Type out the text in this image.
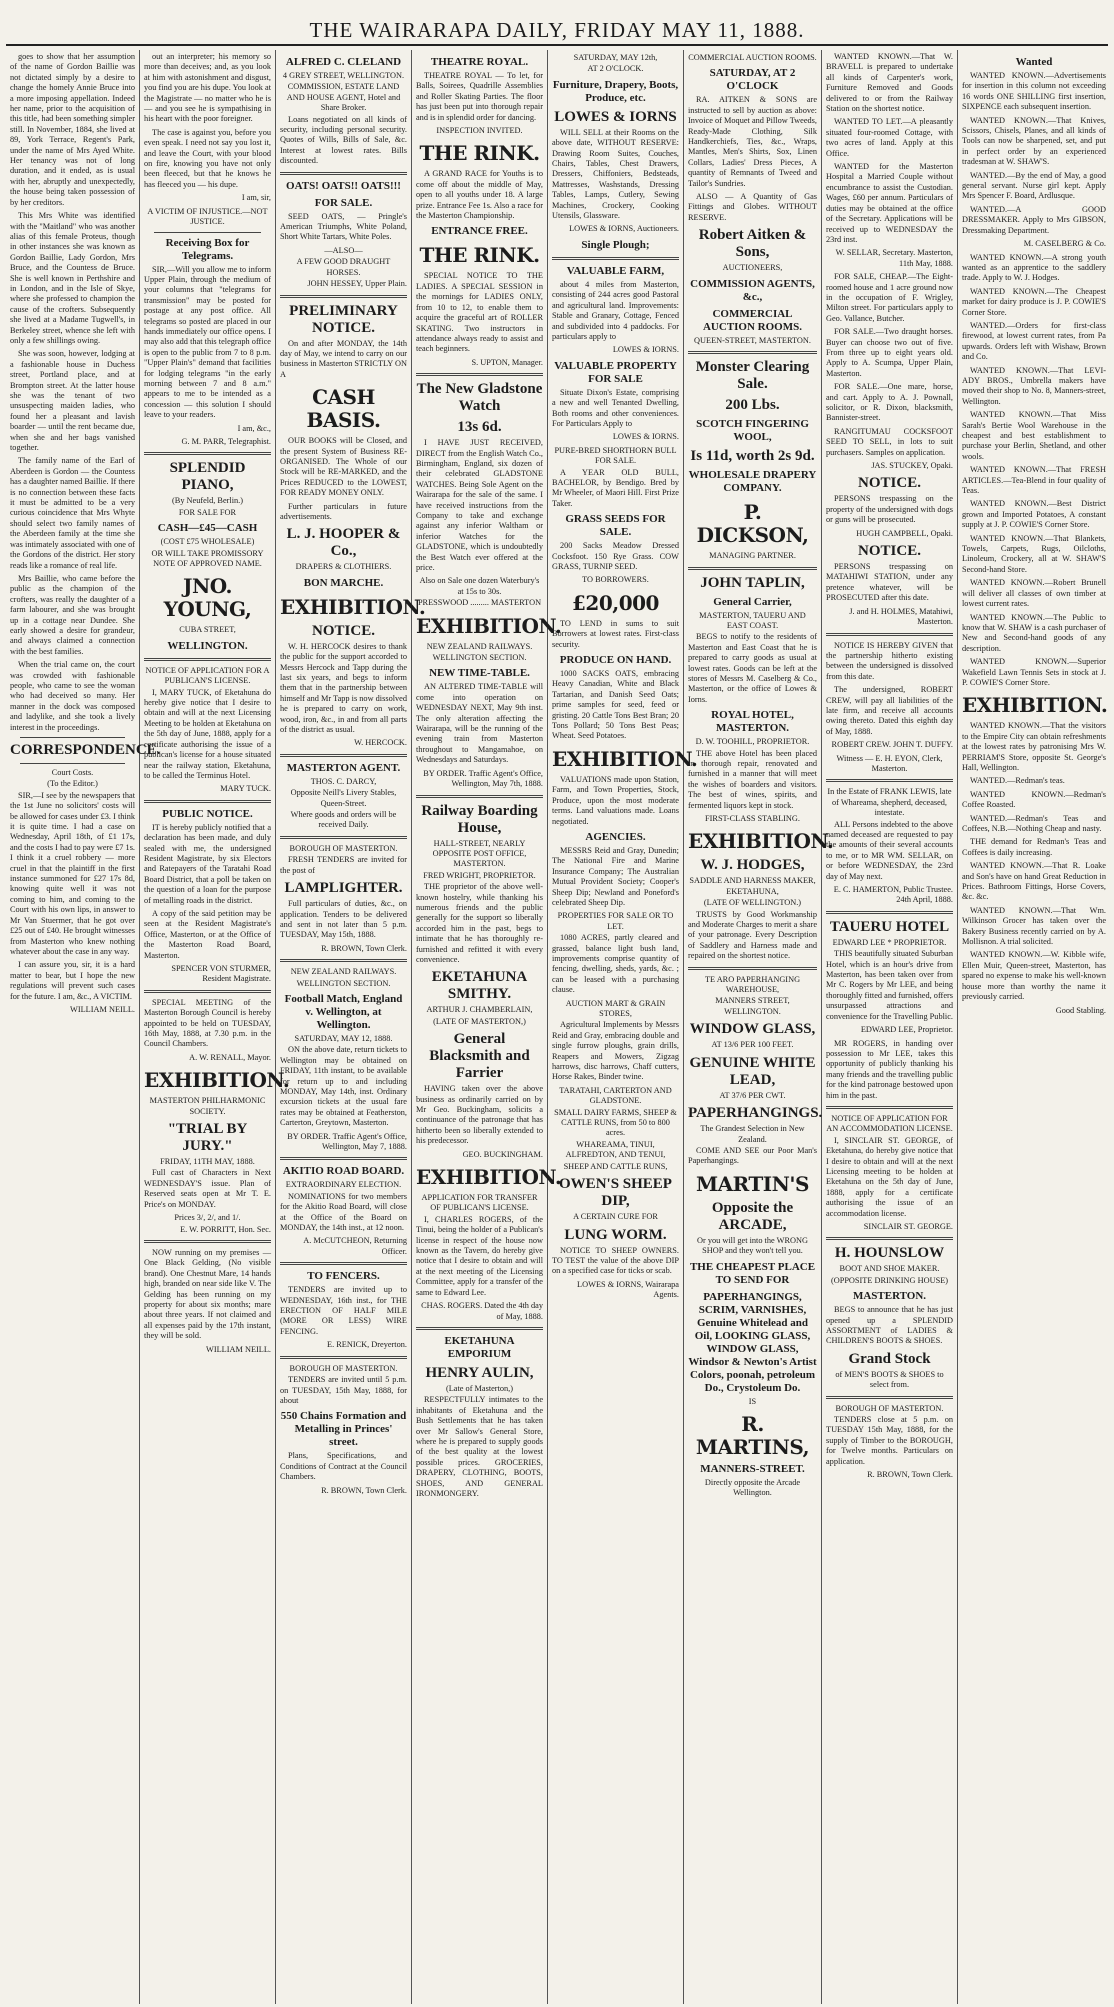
THE WAIRARAPA DAILY, FRIDAY MAY 11, 1888.

goes to show that her assumption of the name of Gordon Baillie was not dictated simply by a desire to change the homely Annie Bruce into a more imposing appellation. Indeed her name, prior to the acquisition of this title, had been something simpler still. In November, 1884, she lived at 89, York Terrace, Regent's Park, under the name of Mrs Ayed White. Her tenancy was not of long duration, and it ended, as is usual with her, abruptly and unexpectedly, the house being taken possession of by her creditors.

This Mrs White was identified with the "Maitland" who was another alias of this female Proteus, though in other instances she was known as Gordon Baillie, Lady Gordon, Mrs Bruce, and the Countess de Bruce. She is well known in Perthshire and in London, and in the Isle of Skye, where she professed to champion the cause of the crofters. Subsequently she lived at a Madame Tugwell's, in Berkeley street, whence she left with only a few shillings owing.

She was soon, however, lodging at a fashionable house in Duchess street, Portland place, and at Brompton street. At the latter house she was the tenant of two unsuspecting maiden ladies, who found her a pleasant and lavish boarder — until the rent became due, when she and her bags vanished together.

The family name of the Earl of Aberdeen is Gordon — the Countess has a daughter named Baillie. If there is no connection between these facts it must be admitted to be a very curious coincidence that Mrs Whyte should select two family names of the Aberdeen family at the time she was intimately associated with one of the Gordons of the district. Her story reads like a romance of real life.

Mrs Baillie, who came before the public as the champion of the crofters, was really the daughter of a farm labourer, and she was brought up in a cottage near Dundee. She early showed a desire for grandeur, and always claimed a connection with the best families.

When the trial came on, the court was crowded with fashionable people, who came to see the woman who had deceived so many. Her manner in the dock was composed and ladylike, and she took a lively interest in the proceedings.

CORRESPONDENCE.
Court Costs.
(To the Editor.)

SIR,—I see by the newspapers that the 1st June no solicitors' costs will be allowed for cases under £3. I think it is quite time. I had a case on Wednesday, April 18th, of £1 17s, and the costs I had to pay were £7 1s. I think it a cruel robbery — more cruel in that the plaintiff in the first instance summoned for £27 17s 8d, knowing quite well it was not coming to him, and coming to the Court with his own lips, in answer to Mr Van Stuermer, that he got over £25 out of £40. He brought witnesses from Masterton who knew nothing whatever about the case in any way.

I can assure you, sir, it is a hard matter to bear, but I hope the new regulations will prevent such cases for the future. I am, &c., A VICTIM.

WILLIAM NEILL.

out an interpreter; his memory so more than deceives; and, as you look at him with astonishment and disgust, you find you are his dupe. You look at the Magistrate — no matter who he is — and you see he is sympathising in his heart with the poor foreigner.

The case is against you, before you even speak. I need not say you lost it, and leave the Court, with your blood on fire, knowing you have not only been fleeced, but that he knows he has fleeced you — his dupe.

I am, sir,
A VICTIM OF INJUSTICE.—NOT JUSTICE.
Receiving Box for Telegrams.

SIR,—Will you allow me to inform Upper Plain, through the medium of your columns that "telegrams for transmission" may be posted for postage at any post office. All telegrams so posted are placed in our hands immediately our office opens. I may also add that this telegraph office is open to the public from 7 to 8 p.m. "Upper Plain's" demand that facilities for lodging telegrams "in the early morning between 7 and 8 a.m." appears to me to be intended as a concession — this solution I should leave to your readers.

I am, &c.,
G. M. PARR, Telegraphist.
SPLENDID PIANO,
(By Neufeld, Berlin.)
FOR SALE FOR
CASH—£45—CASH
(COST £75 WHOLESALE)
OR WILL TAKE PROMISSORY NOTE OF APPROVED NAME.
JNO. YOUNG,
CUBA STREET,
WELLINGTON.
NOTICE OF APPLICATION FOR A PUBLICAN'S LICENSE.

I, MARY TUCK, of Eketahuna do hereby give notice that I desire to obtain and will at the next Licensing Meeting to be holden at Eketahuna on the 5th day of June, 1888, apply for a certificate authorising the issue of a publican's license for a house situated near the railway station, Eketahuna, to be called the Terminus Hotel.

MARY TUCK.
PUBLIC NOTICE.

IT is hereby publicly notified that a declaration has been made, and duly sealed with me, the undersigned Resident Magistrate, by six Electors and Ratepayers of the Taratahi Road Board District, that a poll be taken on the question of a loan for the purpose of metalling roads in the district.

A copy of the said petition may be seen at the Resident Magistrate's Office, Masterton, or at the Office of the Masterton Road Board, Masterton.

SPENCER VON STURMER, Resident Magistrate.

SPECIAL MEETING of the Masterton Borough Council is hereby appointed to be held on TUESDAY, 16th May, 1888, at 7.30 p.m. in the Council Chambers.

A. W. RENALL, Mayor.
EXHIBITION.
MASTERTON PHILHARMONIC SOCIETY.
"TRIAL BY JURY."
FRIDAY, 11TH MAY, 1888.

Full cast of Characters in Next WEDNESDAY'S issue. Plan of Reserved seats open at Mr T. E. Price's on MONDAY.

Prices 3/, 2/, and 1/.
E. W. PORRITT, Hon. Sec.

NOW running on my premises — One Black Gelding, (No visible brand). One Chestnut Mare, 14 hands high, branded on near side like V. The Gelding has been running on my property for about six months; mare about three years. If not claimed and all expenses paid by the 17th instant, they will be sold.

WILLIAM NEILL.
ALFRED C. CLELAND
4 GREY STREET, WELLINGTON.
COMMISSION, ESTATE LAND AND HOUSE AGENT, Hotel and Share Broker.

Loans negotiated on all kinds of security, including personal security. Quotes of Wills, Bills of Sale, &c. Interest at lowest rates. Bills discounted.

OATS! OATS!! OATS!!!
FOR SALE.

SEED OATS, — Pringle's American Triumphs, White Poland, Short White Tartars, White Poles.

—ALSO—
A FEW GOOD DRAUGHT HORSES.
JOHN HESSEY, Upper Plain.
PRELIMINARY NOTICE.

On and after MONDAY, the 14th day of May, we intend to carry on our business in Masterton STRICTLY ON A

CASH BASIS.

OUR BOOKS will be Closed, and the present System of Business RE-ORGANISED. The Whole of our Stock will be RE-MARKED, and the Prices REDUCED to the LOWEST, FOR READY MONEY ONLY.

Further particulars in future advertisements.

L. J. HOOPER & Co.,
DRAPERS & CLOTHIERS.
BON MARCHE.
EXHIBITION.
NOTICE.

W. H. HERCOCK desires to thank the public for the support accorded to Messrs Hercock and Tapp during the last six years, and begs to inform them that in the partnership between himself and Mr Tapp is now dissolved he is prepared to carry on work, wood, iron, &c., in and from all parts of the district as usual.

W. HERCOCK.
MASTERTON AGENT.
THOS. C. DARCY,
Opposite Neill's Livery Stables, Queen-Street.
Where goods and orders will be received Daily.
BOROUGH OF MASTERTON.

FRESH TENDERS are invited for the post of

LAMPLIGHTER.

Full particulars of duties, &c., on application. Tenders to be delivered and sent in not later than 5 p.m. TUESDAY, May 15th, 1888.

R. BROWN, Town Clerk.
NEW ZEALAND RAILWAYS.
WELLINGTON SECTION.
Football Match, England v. Wellington, at Wellington.
SATURDAY, MAY 12, 1888.

ON the above date, return tickets to Wellington may be obtained on FRIDAY, 11th instant, to be available for return up to and including MONDAY, May 14th, inst. Ordinary excursion tickets at the usual fare rates may be obtained at Featherston, Carterton, Greytown, Masterton.

BY ORDER. Traffic Agent's Office, Wellington, May 7, 1888.
AKITIO ROAD BOARD.
EXTRAORDINARY ELECTION.

NOMINATIONS for two members for the Akitio Road Board, will close at the Office of the Board on MONDAY, the 14th inst., at 12 noon.

A. McCUTCHEON, Returning Officer.
TO FENCERS.

TENDERS are invited up to WEDNESDAY, 16th inst., for THE ERECTION OF HALF MILE (MORE OR LESS) WIRE FENCING.

E. RENICK, Dreyerton.
BOROUGH OF MASTERTON.

TENDERS are invited until 5 p.m. on TUESDAY, 15th May, 1888, for about

550 Chains Formation and Metalling in Princes' street.

Plans, Specifications, and Conditions of Contract at the Council Chambers.

R. BROWN, Town Clerk.
THEATRE ROYAL.

THEATRE ROYAL — To let, for Balls, Soirees, Quadrille Assemblies and Roller Skating Parties. The floor has just been put into thorough repair and is in splendid order for dancing.

INSPECTION INVITED.
THE RINK.

A GRAND RACE for Youths is to come off about the middle of May, open to all youths under 18. A large prize. Entrance Fee 1s. Also a race for the Masterton Championship.

ENTRANCE FREE.
THE RINK.

SPECIAL NOTICE TO THE LADIES. A SPECIAL SESSION in the mornings for LADIES ONLY, from 10 to 12, to enable them to acquire the graceful art of ROLLER SKATING. Two instructors in attendance always ready to assist and teach beginners.

S. UPTON, Manager.
The New Gladstone Watch
13s 6d.

I HAVE JUST RECEIVED, DIRECT from the English Watch Co., Birmingham, England, six dozen of their celebrated GLADSTONE WATCHES. Being Sole Agent on the Wairarapa for the sale of the same. I have received instructions from the Company to take and exchange against any inferior Waltham or inferior Watches for the GLADSTONE, which is undoubtedly the Best Watch ever offered at the price.

Also on Sale one dozen Waterbury's at 15s to 30s.
PRESSWOOD ......... MASTERTON
EXHIBITION.
NEW ZEALAND RAILWAYS.
WELLINGTON SECTION.
NEW TIME-TABLE.

AN ALTERED TIME-TABLE will come into operation on WEDNESDAY NEXT, May 9th inst. The only alteration affecting the Wairarapa, will be the running of the evening train from Masterton throughout to Mangamahoe, on Wednesdays and Saturdays.

BY ORDER. Traffic Agent's Office, Wellington, May 7th, 1888.
Railway Boarding House,
HALL-STREET, NEARLY OPPOSITE POST OFFICE, MASTERTON.
FRED WRIGHT, PROPRIETOR.

THE proprietor of the above well-known hostelry, while thanking his numerous friends and the public generally for the support so liberally accorded him in the past, begs to intimate that he has thoroughly re-furnished and refitted it with every convenience.

EKETAHUNA SMITHY.
ARTHUR J. CHAMBERLAIN,
(LATE OF MASTERTON,)
General Blacksmith and Farrier

HAVING taken over the above business as ordinarily carried on by Mr Geo. Buckingham, solicits a continuance of the patronage that has hitherto been so liberally extended to his predecessor.

GEO. BUCKINGHAM.
EXHIBITION.
APPLICATION FOR TRANSFER OF PUBLICAN'S LICENSE.

I, CHARLES ROGERS, of the Tinui, being the holder of a Publican's license in respect of the house now known as the Tavern, do hereby give notice that I desire to obtain and will at the next meeting of the Licensing Committee, apply for a transfer of the same to Edward Lee.

CHAS. ROGERS. Dated the 4th day of May, 1888.
EKETAHUNA EMPORIUM
HENRY AULIN,
(Late of Masterton,)

RESPECTFULLY intimates to the inhabitants of Eketahuna and the Bush Settlements that he has taken over Mr Sallow's General Store, where he is prepared to supply goods of the best quality at the lowest possible prices. GROCERIES, DRAPERY, CLOTHING, BOOTS, SHOES, AND GENERAL IRONMONGERY.

SATURDAY, MAY 12th,
AT 2 O'CLOCK.
Furniture, Drapery, Boots, Produce, etc.
LOWES & IORNS

WILL SELL at their Rooms on the above date, WITHOUT RESERVE: Drawing Room Suites, Couches, Chairs, Tables, Chest Drawers, Dressers, Chiffoniers, Bedsteads, Mattresses, Washstands, Dressing Tables, Lamps, Cutlery, Sewing Machines, Crockery, Cooking Utensils, Glassware.

LOWES & IORNS, Auctioneers.
Single Plough;
VALUABLE FARM,

about 4 miles from Masterton, consisting of 244 acres good Pastoral and agricultural land. Improvements: Stable and Granary, Cottage, Fenced and subdivided into 4 paddocks. For particulars apply to

LOWES & IORNS.
VALUABLE PROPERTY FOR SALE

Situate Dixon's Estate, comprising a new and well Tenanted Dwelling, Both rooms and other conveniences. For Particulars Apply to

LOWES & IORNS.
PURE-BRED SHORTHORN BULL FOR SALE.

A YEAR OLD BULL, BACHELOR, by Bendigo. Bred by Mr Wheeler, of Maori Hill. First Prize Taker.

GRASS SEEDS FOR SALE.

200 Sacks Meadow Dressed Cocksfoot. 150 Rye Grass. COW GRASS, TURNIP SEED.

TO BORROWERS.
£20,000

TO LEND in sums to suit Borrowers at lowest rates. First-class security.

PRODUCE ON HAND.

1000 SACKS OATS, embracing Heavy Canadian, White and Black Tartarian, and Danish Seed Oats; prime samples for seed, feed or gristing. 20 Cattle Tons Best Bran; 20 Tons Pollard; 50 Tons Best Peas; Wheat. Seed Potatoes.

EXHIBITION.

VALUATIONS made upon Station, Farm, and Town Properties, Stock, Produce, upon the most moderate terms. Land valuations made. Loans negotiated.

AGENCIES.

MESSRS Reid and Gray, Dunedin; The National Fire and Marine Insurance Company; The Australian Mutual Provident Society; Cooper's Sheep Dip; Newland and Poneford's celebrated Sheep Dip.

PROPERTIES FOR SALE OR TO LET.

1080 ACRES, partly cleared and grassed, balance light bush land, improvements comprise quantity of fencing, dwelling, sheds, yards, &c. ; can be leased with a purchasing clause.

AUCTION MART & GRAIN STORES,

Agricultural Implements by Messrs Reid and Gray, embracing double and single furrow ploughs, grain drills, Reapers and Mowers, Zigzag harrows, disc harrows, Chaff cutters, Horse Rakes, Binder twine.

TARATAHI, CARTERTON AND GLADSTONE.
SMALL DAIRY FARMS, SHEEP & CATTLE RUNS, from 50 to 800 acres.
WHAREAMA, TINUI, ALFREDTON, AND TENUI,
SHEEP AND CATTLE RUNS,
OWEN'S SHEEP DIP,
A CERTAIN CURE FOR
LUNG WORM.

NOTICE TO SHEEP OWNERS. TO TEST the value of the above DIP on a specified case for ticks or scab.

LOWES & IORNS, Wairarapa Agents.
COMMERCIAL AUCTION ROOMS.
SATURDAY, AT 2 O'CLOCK

RA. AITKEN & SONS are instructed to sell by auction as above: Invoice of Moquet and Pillow Tweeds, Ready-Made Clothing, Silk Handkerchiefs, Ties, &c., Wraps, Mantles, Men's Shirts, Sox, Linen Collars, Ladies' Dress Pieces, A quantity of Remnants of Tweed and Tailor's Sundries.

ALSO — A Quantity of Gas Fittings and Globes. WITHOUT RESERVE.

Robert Aitken & Sons,
AUCTIONEERS,
COMMISSION AGENTS, &c.,
COMMERCIAL AUCTION ROOMS.
QUEEN-STREET, MASTERTON.
Monster Clearing Sale.
200 Lbs.
SCOTCH FINGERING WOOL,
Is 11d, worth 2s 9d.
WHOLESALE DRAPERY COMPANY.
P. DICKSON,
MANAGING PARTNER.
JOHN TAPLIN,
General Carrier,
MASTERTON, TAUERU AND EAST COAST.

BEGS to notify to the residents of Masterton and East Coast that he is prepared to carry goods as usual at lowest rates. Goods can be left at the stores of Messrs M. Caselberg & Co., Masterton, or the office of Lowes & Iorns.

ROYAL HOTEL, MASTERTON.
D. W. TOOHILL, PROPRIETOR.

THE above Hotel has been placed in thorough repair, renovated and furnished in a manner that will meet the wishes of boarders and visitors. The best of wines, spirits, and fermented liquors kept in stock.

FIRST-CLASS STABLING.
EXHIBITION.
W. J. HODGES,
SADDLE AND HARNESS MAKER, EKETAHUNA,
(LATE OF WELLINGTON.)

TRUSTS by Good Workmanship and Moderate Charges to merit a share of your patronage. Every Description of Saddlery and Harness made and repaired on the shortest notice.

TE ARO PAPERHANGING WAREHOUSE,
MANNERS STREET, WELLINGTON.
WINDOW GLASS,
AT 13/6 PER 100 FEET.
GENUINE WHITE LEAD,
AT 37/6 PER CWT.
PAPERHANGINGS.
The Grandest Selection in New Zealand.

COME AND SEE our Poor Man's Paperhangings.

MARTIN'S
Opposite the ARCADE,
Or you will get into the WRONG SHOP and they won't tell you.
THE CHEAPEST PLACE TO SEND FOR
PAPERHANGINGS, SCRIM, VARNISHES, Genuine Whitelead and Oil, LOOKING GLASS, WINDOW GLASS, Windsor & Newton's Artist Colors, poonah, petroleum Do., Crystoleum Do.
IS
R. MARTINS,
MANNERS-STREET.
Directly opposite the Arcade Wellington.

WANTED KNOWN.—That W. BRAVELL is prepared to undertake all kinds of Carpenter's work, Furniture Removed and Goods delivered to or from the Railway Station on the shortest notice.

WANTED TO LET.—A pleasantly situated four-roomed Cottage, with two acres of land. Apply at this Office.

WANTED for the Masterton Hospital a Married Couple without encumbrance to assist the Custodian. Wages, £60 per annum. Particulars of duties may be obtained at the office of the Secretary. Applications will be received up to WEDNESDAY the 23rd inst.

W. SELLAR, Secretary. Masterton, 11th May, 1888.

FOR SALE, CHEAP.—The Eight-roomed house and 1 acre ground now in the occupation of F. Wrigley, Milton street. For particulars apply to Geo. Vallance, Butcher.

FOR SALE.—Two draught horses. Buyer can choose two out of five. From three up to eight years old. Apply to A. Scumpa, Upper Plain, Masterton.

FOR SALE.—One mare, horse, and cart. Apply to A. J. Pownall, solicitor, or R. Dixon, blacksmith, Bannister-street.

RANGITUMAU COCKSFOOT SEED TO SELL, in lots to suit purchasers. Samples on application.

JAS. STUCKEY, Opaki.
NOTICE.

PERSONS trespassing on the property of the undersigned with dogs or guns will be prosecuted.

HUGH CAMPBELL, Opaki.
NOTICE.

PERSONS trespassing on MATAHIWI STATION, under any pretence whatever, will be PROSECUTED after this date.

J. and H. HOLMES, Matahiwi, Masterton.

NOTICE IS HEREBY GIVEN that the partnership hitherto existing between the undersigned is dissolved from this date.

The undersigned, ROBERT CREW, will pay all liabilities of the late firm, and receive all accounts owing thereto. Dated this eighth day of May, 1888.

ROBERT CREW. JOHN T. DUFFY.
Witness — E. H. EYON, Clerk, Masterton.
In the Estate of FRANK LEWIS, late of Whareama, shepherd, deceased, intestate.

ALL Persons indebted to the above named deceased are requested to pay the amounts of their several accounts to me, or to MR WM. SELLAR, on or before WEDNESDAY, the 23rd day of May next.

E. C. HAMERTON, Public Trustee. 24th April, 1888.
TAUERU HOTEL
EDWARD LEE * PROPRIETOR.

THIS beautifully situated Suburban Hotel, which is an hour's drive from Masterton, has been taken over from Mr C. Rogers by Mr LEE, and being thoroughly fitted and furnished, offers unsurpassed attractions and convenience for the Travelling Public.

EDWARD LEE, Proprietor.

MR ROGERS, in handing over possession to Mr LEE, takes this opportunity of publicly thanking his many friends and the travelling public for the kind patronage bestowed upon him in the past.

NOTICE OF APPLICATION FOR AN ACCOMMODATION LICENSE.

I, SINCLAIR ST. GEORGE, of Eketahuna, do hereby give notice that I desire to obtain and will at the next Licensing meeting to be holden at Eketahuna on the 5th day of June, 1888, apply for a certificate authorising the issue of an accommodation license.

SINCLAIR ST. GEORGE.
H. HOUNSLOW
BOOT AND SHOE MAKER.
(OPPOSITE DRINKING HOUSE)
MASTERTON.

BEGS to announce that he has just opened up a SPLENDID ASSORTMENT of LADIES & CHILDREN'S BOOTS & SHOES.

Grand Stock
of MEN'S BOOTS & SHOES to select from.
BOROUGH OF MASTERTON.

TENDERS close at 5 p.m. on TUESDAY 15th May, 1888, for the supply of Timber to the BOROUGH, for Twelve months. Particulars on application.

R. BROWN, Town Clerk.
Wanted

WANTED KNOWN.—Advertisements for insertion in this column not exceeding 16 words ONE SHILLING first insertion, SIXPENCE each subsequent insertion.

WANTED KNOWN.—That Knives, Scissors, Chisels, Planes, and all kinds of Tools can now be sharpened, set, and put in perfect order by an experienced tradesman at W. SHAW'S.

WANTED.—By the end of May, a good general servant. Nurse girl kept. Apply Mrs Spencer F. Board, Ardlusque.

WANTED.—A GOOD DRESSMAKER. Apply to Mrs GIBSON, Dressmaking Department.

M. CASELBERG & Co.

WANTED KNOWN.—A strong youth wanted as an apprentice to the saddlery trade. Apply to W. J. Hodges.

WANTED KNOWN.—The Cheapest market for dairy produce is J. P. COWIE'S Corner Store.

WANTED.—Orders for first-class firewood, at lowest current rates, from Pa upwards. Orders left with Wishaw, Brown and Co.

WANTED KNOWN.—That LEVI-ADY BROS., Umbrella makers have moved their shop to No. 8, Manners-street, Wellington.

WANTED KNOWN.—That Miss Sarah's Bertie Wool Warehouse in the cheapest and best establishment to purchase your Berlin, Shetland, and other wools.

WANTED KNOWN.—That FRESH ARTICLES.—Tea-Blend in four quality of Teas.

WANTED KNOWN.—Best District grown and Imported Potatoes, A constant supply at J. P. COWIE'S Corner Store.

WANTED KNOWN.—That Blankets, Towels, Carpets, Rugs, Oilcloths, Linoleum, Crockery, all at W. SHAW'S Second-hand Store.

WANTED KNOWN.—Robert Brunell will deliver all classes of own timber at lowest current rates.

WANTED KNOWN.—The Public to know that W. SHAW is a cash purchaser of New and Second-hand goods of any description.

WANTED KNOWN.—Superior Wakefield Lawn Tennis Sets in stock at J. P. COWIE'S Corner Store.

EXHIBITION.

WANTED KNOWN.—That the visitors to the Empire City can obtain refreshments at the lowest rates by patronising Mrs W. PERRIAM'S Store, opposite St. George's Hall, Wellington.

WANTED.—Redman's teas.

WANTED KNOWN.—Redman's Coffee Roasted.

WANTED.—Redman's Teas and Coffees, N.B.—Nothing Cheap and nasty.

THE demand for Redman's Teas and Coffees is daily increasing.

WANTED KNOWN.—That R. Loake and Son's have on hand Great Reduction in Prices. Bathroom Fittings, Horse Covers, &c. &c.

WANTED KNOWN.—That Wm. Wilkinson Grocer has taken over the Bakery Business recently carried on by A. Mollisnon. A trial solicited.

WANTED KNOWN.—W. Kibble wife, Ellen Muir, Queen-street, Masterton, has spared no expense to make his well-known house more than worthy the name it previously carried.

Good Stabling.
